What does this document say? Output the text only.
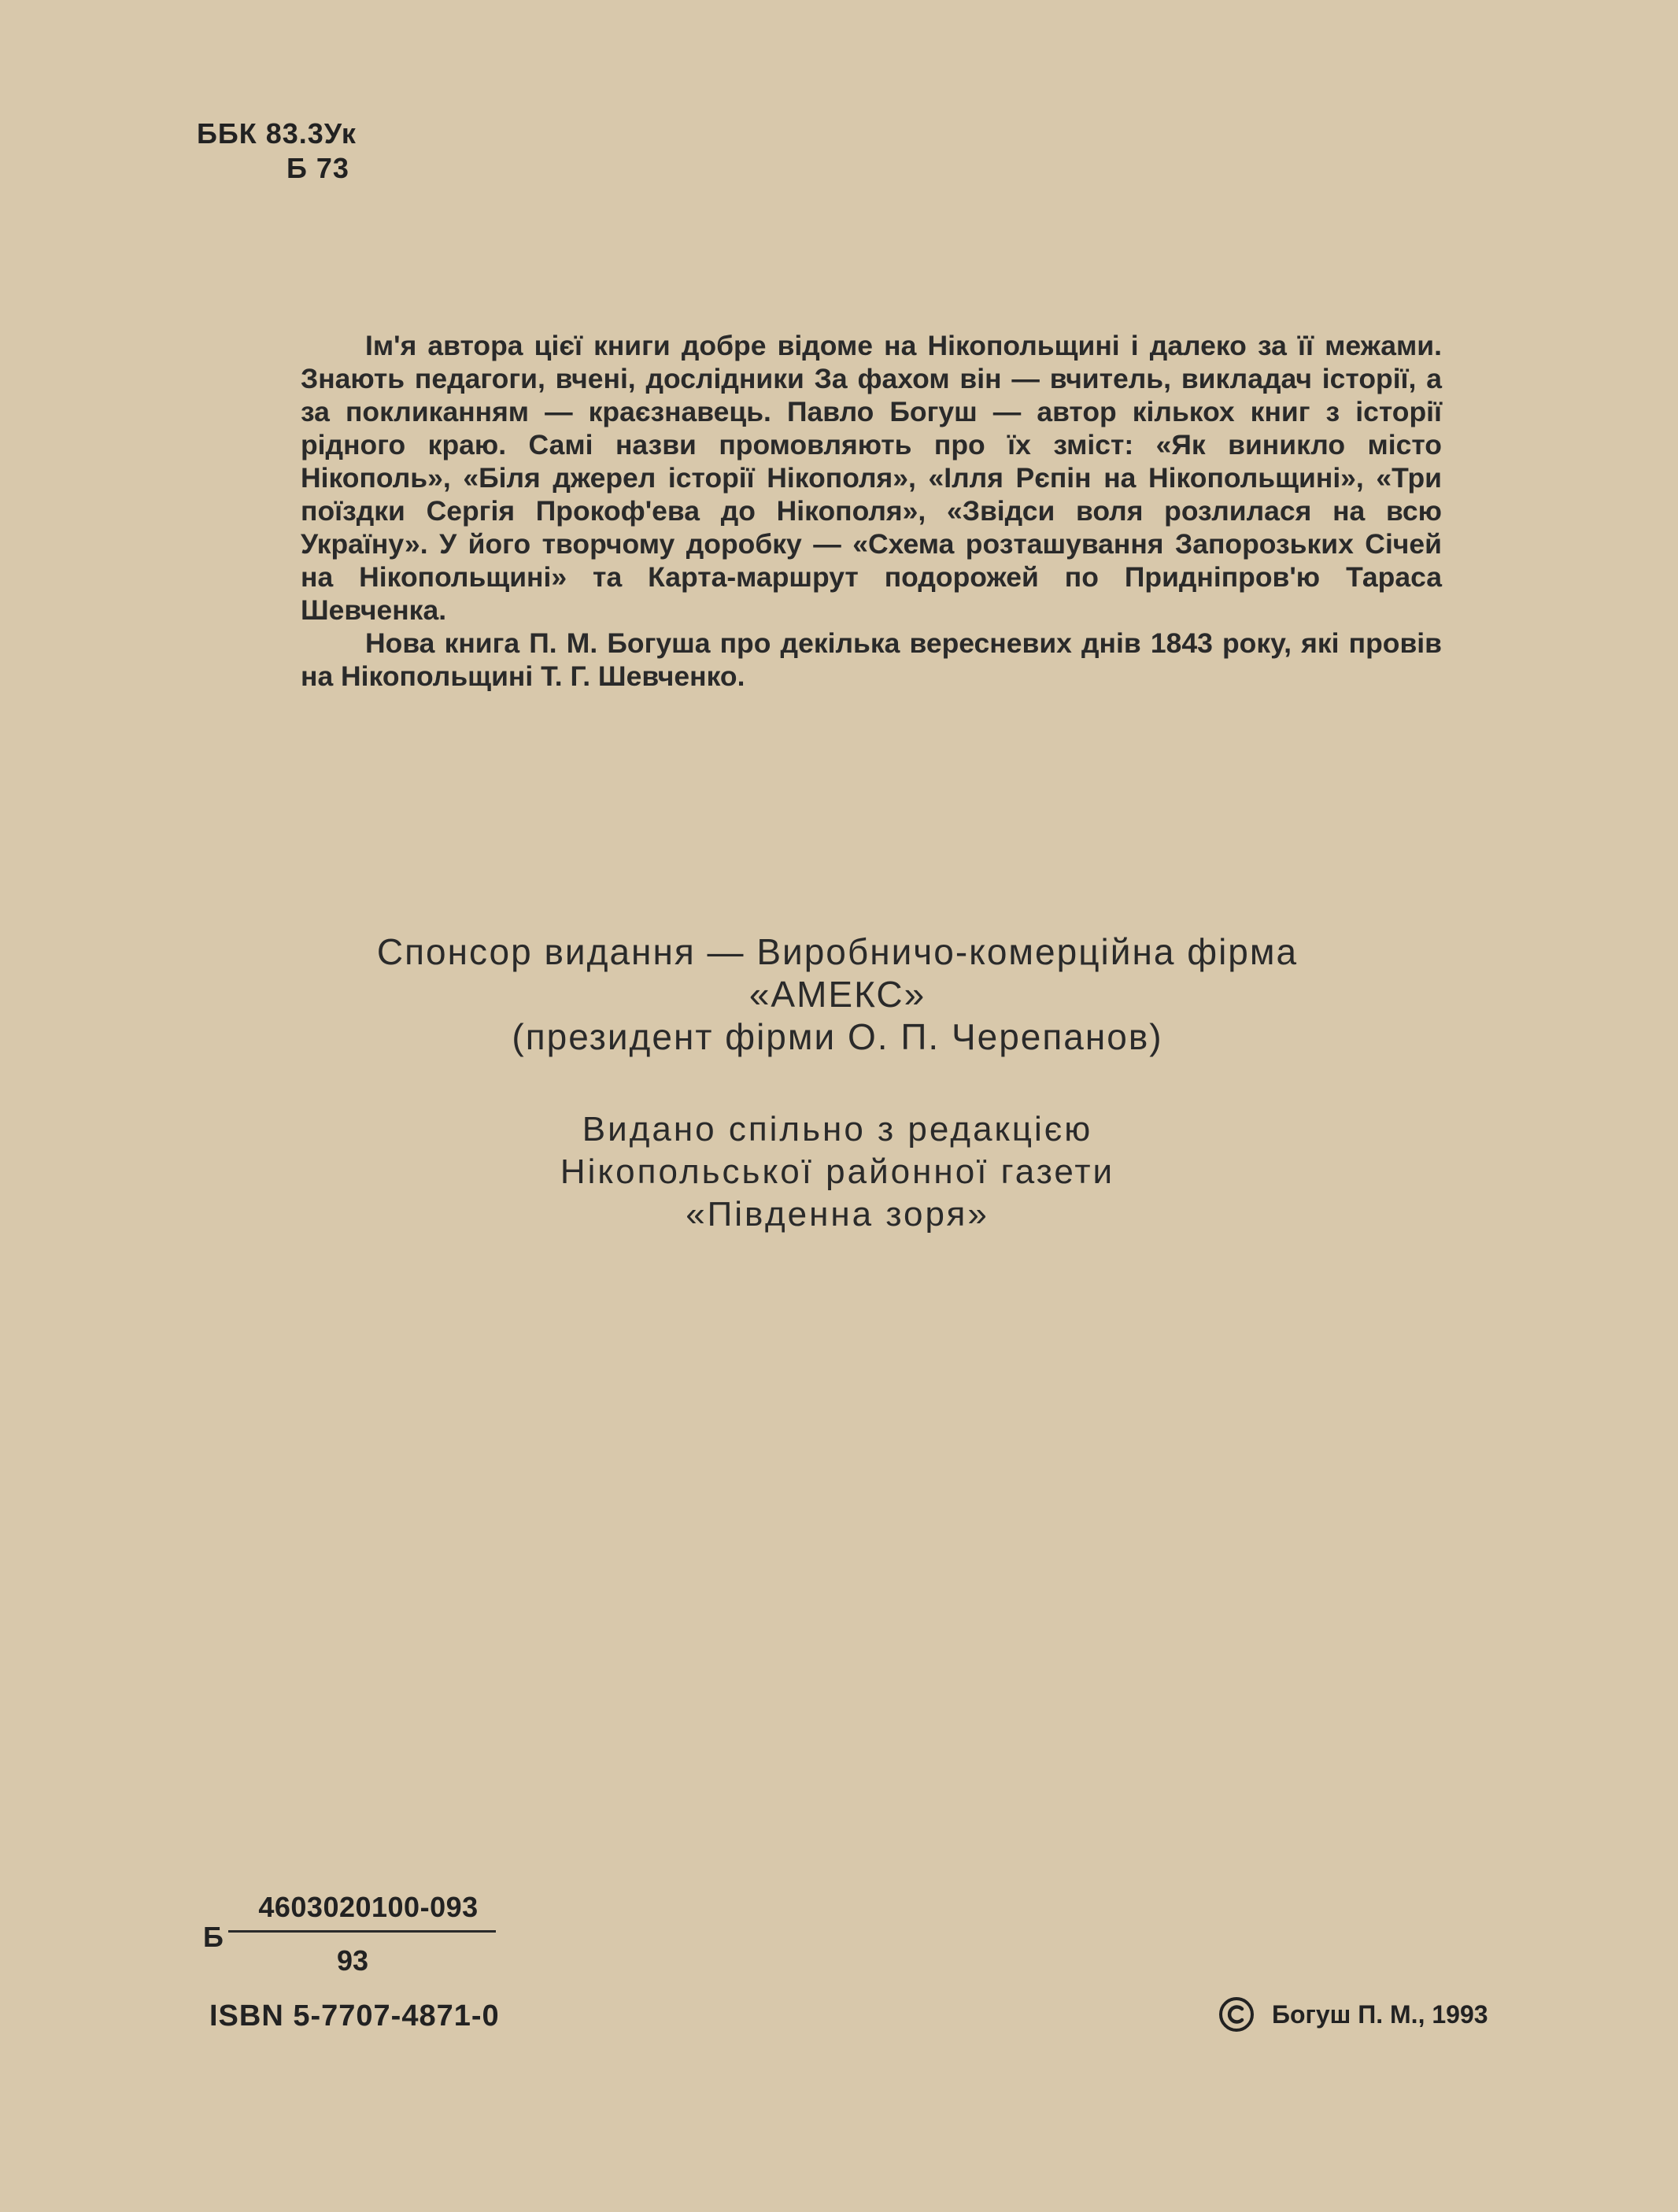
ББК 83.3Ук
Б 73

Ім'я автора цієї книги добре відоме на Нікопольщині і далеко за її межами. Знають педагоги, вчені, дослідники За фахом він — вчитель, викладач історії, а за покликанням — краєзнавець. Павло Богуш — автор кількох книг з історії рідного краю. Самі назви промовляють про їх зміст: «Як виникло місто Нікополь», «Біля джерел історії Нікополя», «Ілля Рєпін на Нікопольщині», «Три поїздки Сергія Прокоф'ева до Нікополя», «Звідси воля розлилася на всю Україну». У його творчому доробку — «Схема розташування Запорозьких Січей на Нікопольщині» та Карта-маршрут подорожей по Придніпров'ю Тараса Шевченка.

Нова книга П. М. Богуша про декілька вересневих днів 1843 року, які провів на Нікопольщині Т. Г. Шевченко.

Спонсор видання — Виробничо-комерційна фірма
«АМЕКС»
(президент фірми О. П. Черепанов)
Видано спільно з редакцією
Нікопольської районної газети
«Південна зоря»
Б
4603020100-093
93
ISBN 5-7707-4871-0	Богуш П. М., 1993
